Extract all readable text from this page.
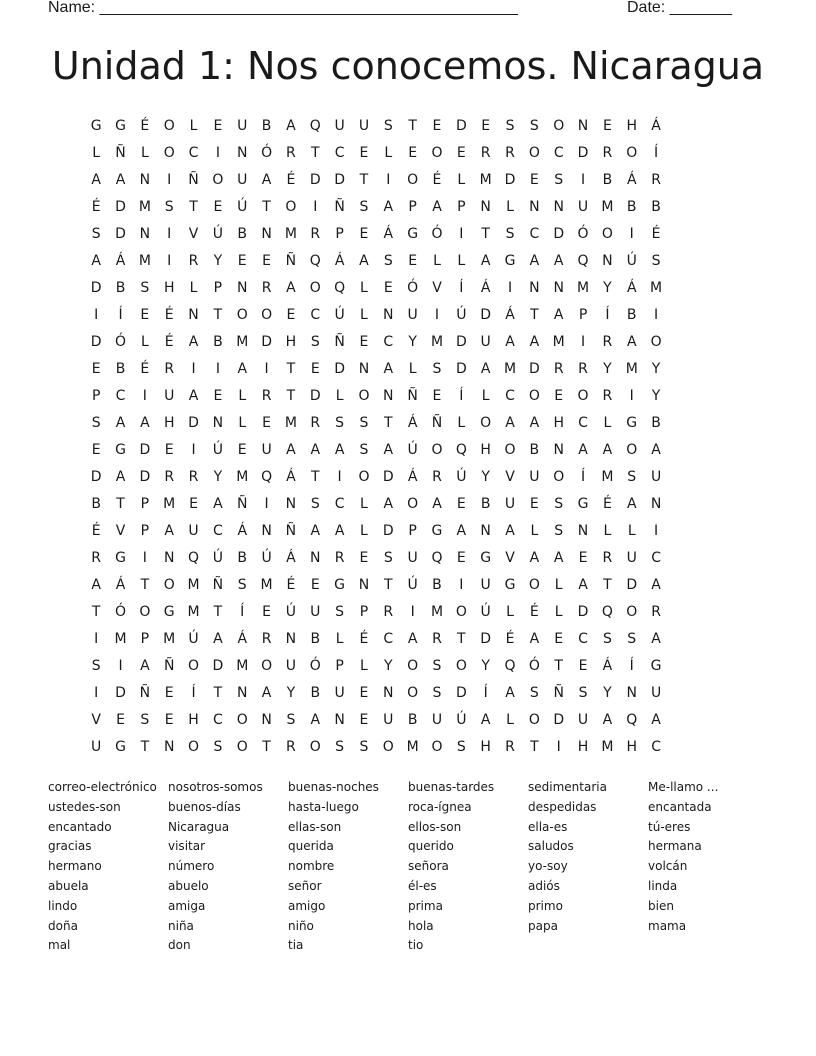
Name: _______________________________________________	Date: _______
Unidad 1: Nos conocemos. Nicaragua
G G	É	O	L	E	U	B	A	Q U	U	S	T	E	D	E	S	S	O N	E	H	Á
L	Ñ	L	O C	I	N Ó R	T	C	E	L	E	O	E	R	R O C	D	R O	Í
A	A	N	I	Ñ O U	A	É	D D	T	I	O	É	L	M D	E	S	I	B	Á	R
É	D M S	T	E	Ú	T	O	I	Ñ	S	A	P	A	P	N	L	N N U M B	B
S	D N	I	V	Ú	B	N M R	P	E	Á	G Ó	I	T	S	C	D Ó O	I	É
A	Á M	I	R	Y	E	E	Ñ Q	Á	A	S	E	L	L	A	G	A	A	Q N Ú	S
D	B	S	H	L	P	N	R	A	O Q	L	E	Ó	V	Í	Á	I	N N M	Y	Á M
I	Í	E	É	N	T	O O	E	C	Ú	L	N U	I	Ú D	Á	T	A	P	Í	B	I
D Ó	L	É	A	B M D H	S	Ñ	E	C	Y	M D U	A	A M	I	R	A	O
E	B	É	R	I	I	A	I	T	E	D N	A	L	S	D	A M D	R	R	Y	M	Y
P	C	I	U	A	E	L	R	T	D	L	O N Ñ	E	Í	L	C O	E	O R	I	Y
S	A	A	H D N	L	E M R	S	S	T	Á	Ñ	L	O	A	A	H	C	L	G	B
E	G D	E	I	Ú	E	U	A	A	A	S	A	Ú O Q H O	B	N	A	A	O	A
D	A	D	R	R	Y	M Q	Á	T	I	O D	Á	R	Ú	Y	V	U O	Í	M S	U
B	T	P	M E	A	Ñ	I	N	S	C	L	A	O	A	E	B	U	E	S	G	É	A	N
É	V	P	A	U	C	Á	N Ñ	A	A	L	D	P	G	A	N	A	L	S	N	L	L	I
R	G	I	N Q Ú	B	Ú	Á	N	R	E	S	U Q	E	G	V	A	A	E	R	U	C
A	Á	T	O M Ñ	S M É	E	G N	T	Ú	B	I	U G O	L	A	T	D	A
T	Ó O G M	T	Í	E	Ú	U	S	P	R	I	M O Ú	L	É	L	D Q O R
I	M	P	M Ú	A	Á	R	N	B	L	É	C	A	R	T	D	É	A	E	C	S	S	A
S	I	A	Ñ O D M O U Ó	P	L	Y	O	S	O	Y	Q Ó	T	E	Á	Í	G
I	D Ñ	E	Í	T	N	A	Y	B	U	E	N O	S	D	Í	A	S	Ñ	S	Y	N U
V	E	S	E	H	C O N	S	A	N	E	U	B	U	Ú	A	L	O D U	A	Q	A
U G	T	N O	S	O	T	R O	S	S	O M O	S	H	R	T	I	H M H	C
correo-electrónico
ustedes-son
encantado
gracias
hermano
abuela
lindo
doña
mal
nosotros-somos
buenos-días
Nicaragua
visitar
número
abuelo
amiga
niña
don
buenas-noches
hasta-luego
ellas-son
querida
nombre
señor
amigo
niño
tia
buenas-tardes
roca-ígnea
ellos-son
querido
señora
él-es
prima
hola
tio
sedimentaria
despedidas
ella-es
saludos
yo-soy
adiós
primo
papa
Me-llamo ...
encantada
tú-eres
hermana
volcán
linda
bien
mama
